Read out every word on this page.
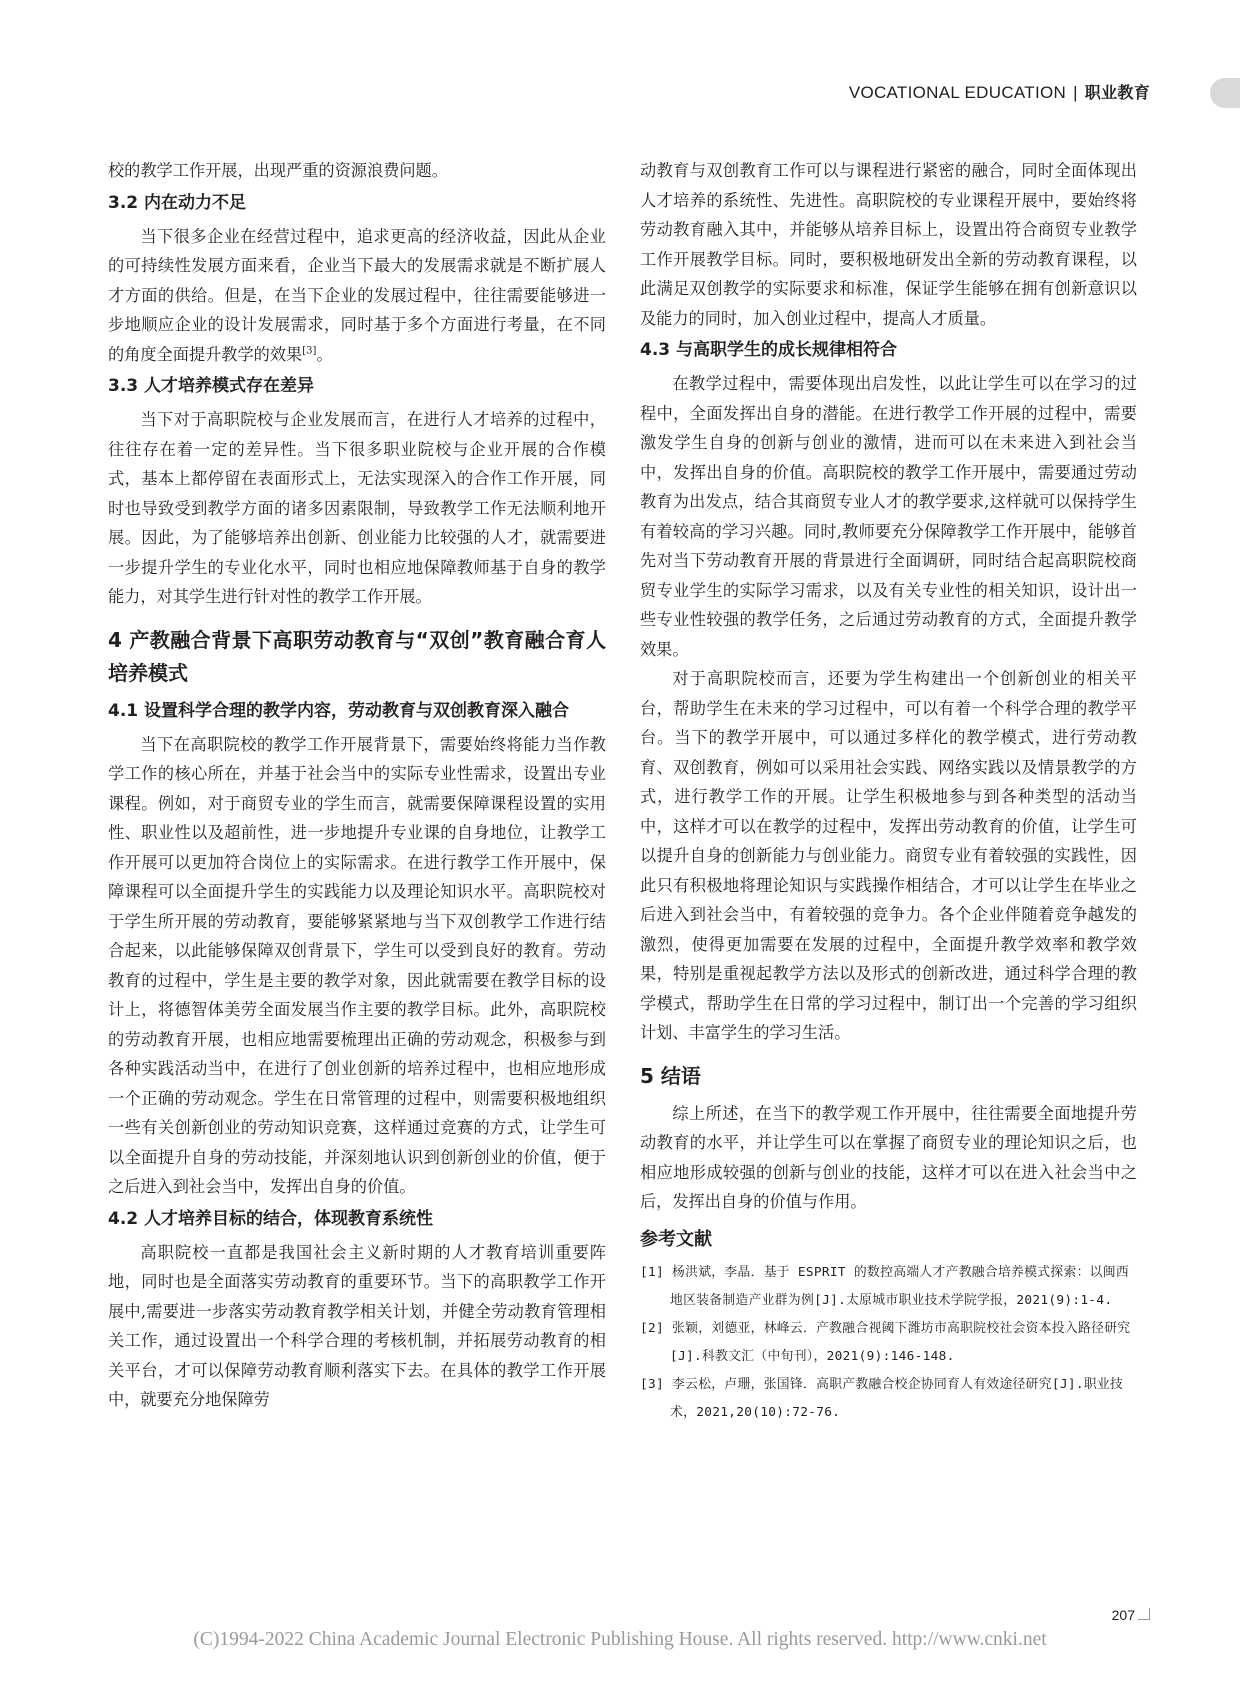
VOCATIONAL EDUCATION | 职业教育

校的教学工作开展，出现严重的资源浪费问题。

3.2 内在动力不足

当下很多企业在经营过程中，追求更高的经济收益，因此从企业的可持续性发展方面来看，企业当下最大的发展需求就是不断扩展人才方面的供给。但是，在当下企业的发展过程中，往往需要能够进一步地顺应企业的设计发展需求，同时基于多个方面进行考量，在不同的角度全面提升教学的效果[3]。

3.3 人才培养模式存在差异

当下对于高职院校与企业发展而言，在进行人才培养的过程中，往往存在着一定的差异性。当下很多职业院校与企业开展的合作模式，基本上都停留在表面形式上，无法实现深入的合作工作开展，同时也导致受到教学方面的诸多因素限制，导致教学工作无法顺利地开展。因此，为了能够培养出创新、创业能力比较强的人才，就需要进一步提升学生的专业化水平，同时也相应地保障教师基于自身的教学能力，对其学生进行针对性的教学工作开展。

4 产教融合背景下高职劳动教育与“双创”教育融合育人培养模式
4.1 设置科学合理的教学内容，劳动教育与双创教育深入融合

当下在高职院校的教学工作开展背景下，需要始终将能力当作教学工作的核心所在，并基于社会当中的实际专业性需求，设置出专业课程。例如，对于商贸专业的学生而言，就需要保障课程设置的实用性、职业性以及超前性，进一步地提升专业课的自身地位，让教学工作开展可以更加符合岗位上的实际需求。在进行教学工作开展中，保障课程可以全面提升学生的实践能力以及理论知识水平。高职院校对于学生所开展的劳动教育，要能够紧紧地与当下双创教学工作进行结合起来，以此能够保障双创背景下，学生可以受到良好的教育。劳动教育的过程中，学生是主要的教学对象，因此就需要在教学目标的设计上，将德智体美劳全面发展当作主要的教学目标。此外，高职院校的劳动教育开展，也相应地需要梳理出正确的劳动观念，积极参与到各种实践活动当中，在进行了创业创新的培养过程中，也相应地形成一个正确的劳动观念。学生在日常管理的过程中，则需要积极地组织一些有关创新创业的劳动知识竞赛，这样通过竞赛的方式，让学生可以全面提升自身的劳动技能，并深刻地认识到创新创业的价值，便于之后进入到社会当中，发挥出自身的价值。

4.2 人才培养目标的结合，体现教育系统性

高职院校一直都是我国社会主义新时期的人才教育培训重要阵地，同时也是全面落实劳动教育的重要环节。当下的高职教学工作开展中,需要进一步落实劳动教育教学相关计划，并健全劳动教育管理相关工作，通过设置出一个科学合理的考核机制，并拓展劳动教育的相关平台，才可以保障劳动教育顺利落实下去。在具体的教学工作开展中，就要充分地保障劳

动教育与双创教育工作可以与课程进行紧密的融合，同时全面体现出人才培养的系统性、先进性。高职院校的专业课程开展中，要始终将劳动教育融入其中，并能够从培养目标上，设置出符合商贸专业教学工作开展教学目标。同时，要积极地研发出全新的劳动教育课程，以此满足双创教学的实际要求和标准，保证学生能够在拥有创新意识以及能力的同时，加入创业过程中，提高人才质量。

4.3 与高职学生的成长规律相符合

在教学过程中，需要体现出启发性，以此让学生可以在学习的过程中，全面发挥出自身的潜能。在进行教学工作开展的过程中，需要激发学生自身的创新与创业的激情，进而可以在未来进入到社会当中，发挥出自身的价值。高职院校的教学工作开展中，需要通过劳动教育为出发点，结合其商贸专业人才的教学要求,这样就可以保持学生有着较高的学习兴趣。同时,教师要充分保障教学工作开展中，能够首先对当下劳动教育开展的背景进行全面调研，同时结合起高职院校商贸专业学生的实际学习需求，以及有关专业性的相关知识，设计出一些专业性较强的教学任务，之后通过劳动教育的方式，全面提升教学效果。

对于高职院校而言，还要为学生构建出一个创新创业的相关平台，帮助学生在未来的学习过程中，可以有着一个科学合理的教学平台。当下的教学开展中，可以通过多样化的教学模式，进行劳动教育、双创教育，例如可以采用社会实践、网络实践以及情景教学的方式，进行教学工作的开展。让学生积极地参与到各种类型的活动当中，这样才可以在教学的过程中，发挥出劳动教育的价值，让学生可以提升自身的创新能力与创业能力。商贸专业有着较强的实践性，因此只有积极地将理论知识与实践操作相结合，才可以让学生在毕业之后进入到社会当中，有着较强的竞争力。各个企业伴随着竞争越发的激烈，使得更加需要在发展的过程中，全面提升教学效率和教学效果，特别是重视起教学方法以及形式的创新改进，通过科学合理的教学模式，帮助学生在日常的学习过程中，制订出一个完善的学习组织计划、丰富学生的学习生活。

5 结语

综上所述，在当下的教学观工作开展中，往往需要全面地提升劳动教育的水平，并让学生可以在掌握了商贸专业的理论知识之后，也相应地形成较强的创新与创业的技能，这样才可以在进入社会当中之后，发挥出自身的价值与作用。

参考文献
[1] 杨洪斌，李晶．基于 ESPRIT 的数控高端人才产教融合培养模式探索：以闽西地区装备制造产业群为例[J].太原城市职业技术学院学报，2021(9):1-4.
[2] 张颖，刘德亚，林峰云．产教融合视阈下潍坊市高职院校社会资本投入路径研究[J].科教文汇（中旬刊），2021(9):146-148.
[3] 李云松，卢珊，张国锋．高职产教融合校企协同育人有效途径研究[J].职业技术，2021,20(10):72-76.
207
(C)1994-2022 China Academic Journal Electronic Publishing House. All rights reserved. http://www.cnki.net
